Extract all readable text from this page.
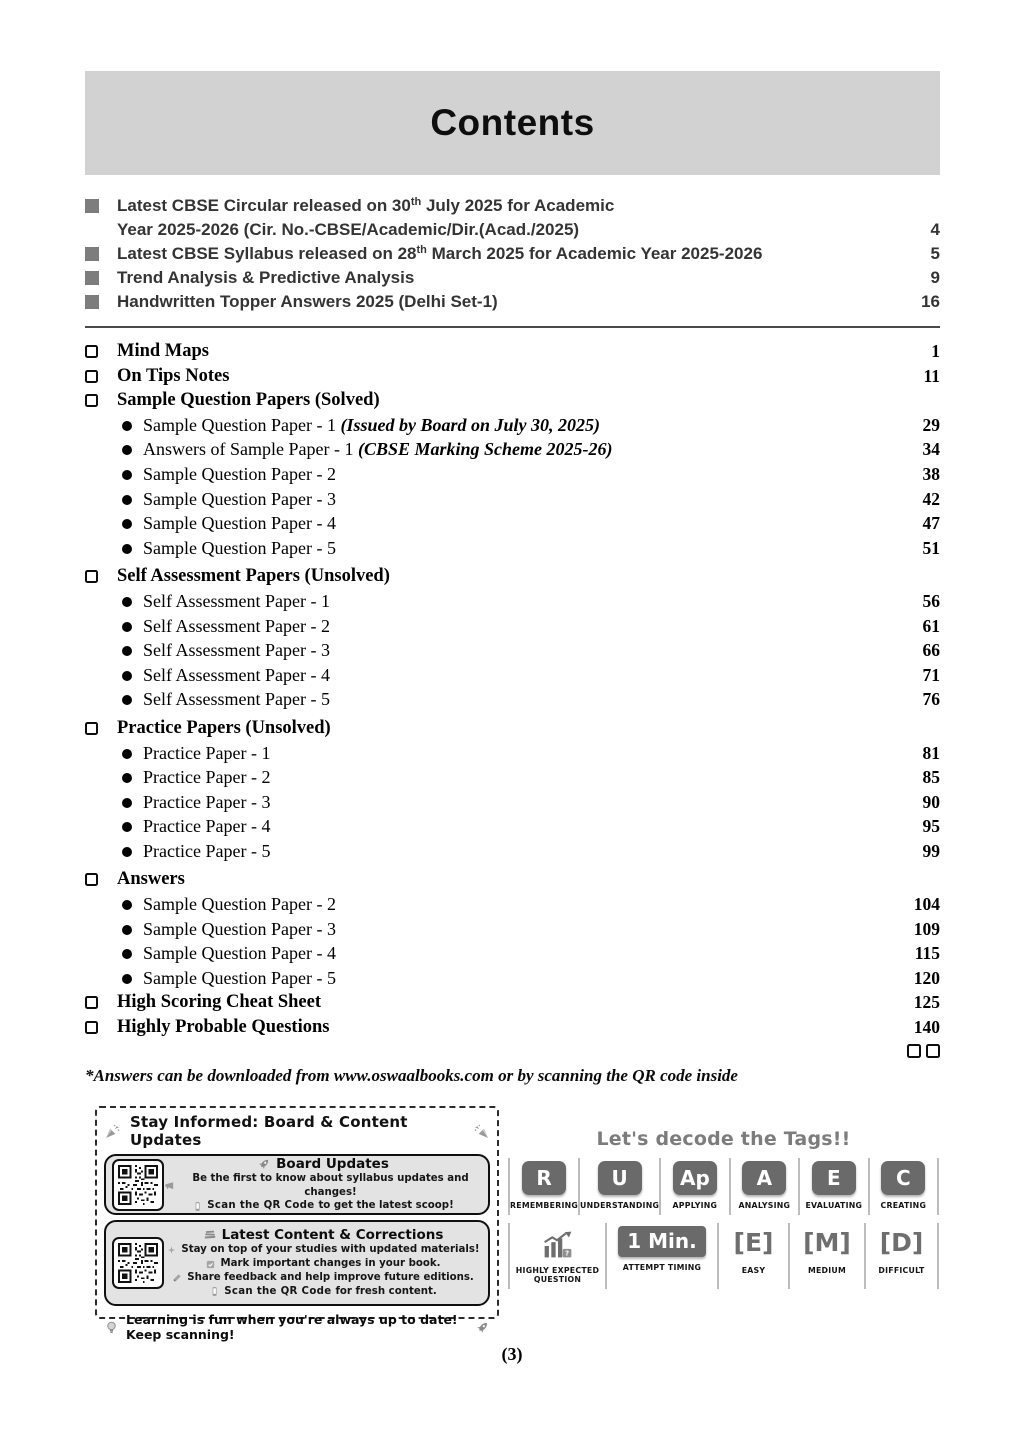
Contents
Latest CBSE Circular released on 30th July 2025 for Academic
Year 2025-2026 (Cir. No.-CBSE/Academic/Dir.(Acad./2025)	4
Latest CBSE Syllabus released on 28th March 2025 for Academic Year 2025-2026	5
Trend Analysis & Predictive Analysis	9
Handwritten Topper Answers 2025 (Delhi Set-1)	16
Mind Maps	1
On Tips Notes	11
Sample Question Papers (Solved)
Sample Question Paper - 1 (Issued by Board on July 30, 2025)	29
Answers of Sample Paper - 1 (CBSE Marking Scheme 2025-26)	34
Sample Question Paper - 2	38
Sample Question Paper - 3	42
Sample Question Paper - 4	47
Sample Question Paper - 5	51
Self Assessment Papers (Unsolved)
Self Assessment Paper - 1	56
Self Assessment Paper - 2	61
Self Assessment Paper - 3	66
Self Assessment Paper - 4	71
Self Assessment Paper - 5	76
Practice Papers (Unsolved)
Practice Paper - 1	81
Practice Paper - 2	85
Practice Paper - 3	90
Practice Paper - 4	95
Practice Paper - 5	99
Answers
Sample Question Paper - 2	104
Sample Question Paper - 3	109
Sample Question Paper - 4	115
Sample Question Paper - 5	120
High Scoring Cheat Sheet	125
Highly Probable Questions	140
*Answers can be downloaded from www.oswaalbooks.com or by scanning the QR code inside
Stay Informed: Board & Content Updates
Board Updates
Be the first to know about syllabus updates and changes!
Scan the QR Code to get the latest scoop!
Latest Content & Corrections
Stay on top of your studies with updated materials!
Mark important changes in your book.
Share feedback and help improve future editions.
Scan the QR Code for fresh content.
Learning is fun when you're always up to date! Keep scanning!
Let's decode the Tags!!
R
REMEMBERING
U
UNDERSTANDING
Ap
APPLYING
A
ANALYSING
E
EVALUATING
C
CREATING
?
HIGHLY EXPECTED
QUESTION
1 Min.
ATTEMPT TIMING
[E]
EASY
[M]
MEDIUM
[D]
DIFFICULT
(3)
